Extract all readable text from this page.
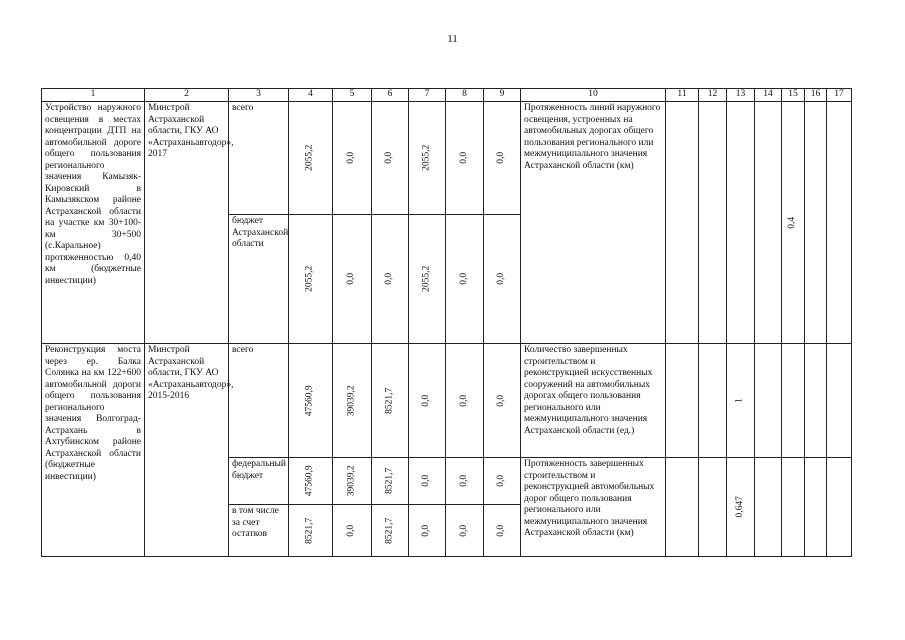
11
1	2	3	4	5	6	7	8	9	10	11	12	13	14	15	16	17
Устройство наружного освещения в местах концентрации ДТП на автомобильной дороге общего пользования регионального значения Камызяк-Кировский в Камызякском районе Астраханской области на участке км 30+100-км 30+500 (с.Каральное) протяженностью 0,40 км (бюджетные инвестиции)	Минстрой Астраханской области, ГКУ АО «Астраханьавтодор», 2017	всего	2055,2	0,0	0,0	2055,2	0,0	0,0	Протяженность линий наружного освещения, устроенных на автомобильных дорогах общего пользования регионального или межмуниципального значения Астраханской области (км)					0,4		
		бюджет Астраханской области	2055,2	0,0	0,0	2055,2	0,0	0,0								
Реконструкция моста через ер. Балка Солянка на км 122+600 автомобильной дороги общего пользования регионального значения Волгоград-Астрахань в Ахтубинском районе Астраханской области (бюджетные инвестиции)	Минстрой Астраханской области, ГКУ АО «Астраханьавтодор», 2015-2016	всего	47560,9	39039,2	8521,7	0,0	0,0	0,0	Количество завершенных строительством и реконструкцией искусственных сооружений на автомобильных дорогах общего пользования регионального или межмуниципального значения Астраханской области (ед.)			1				
		федеральный бюджет	47560,9	39039,2	8521,7	0,0	0,0	0,0	Протяженность завершенных строительством и реконструкцией автомобильных дорог общего пользования регионального или межмуниципального значения Астраханской области (км)			0,647				
		в том числе за счет остатков	8521,7	0,0	8521,7	0,0	0,0	0,0								
